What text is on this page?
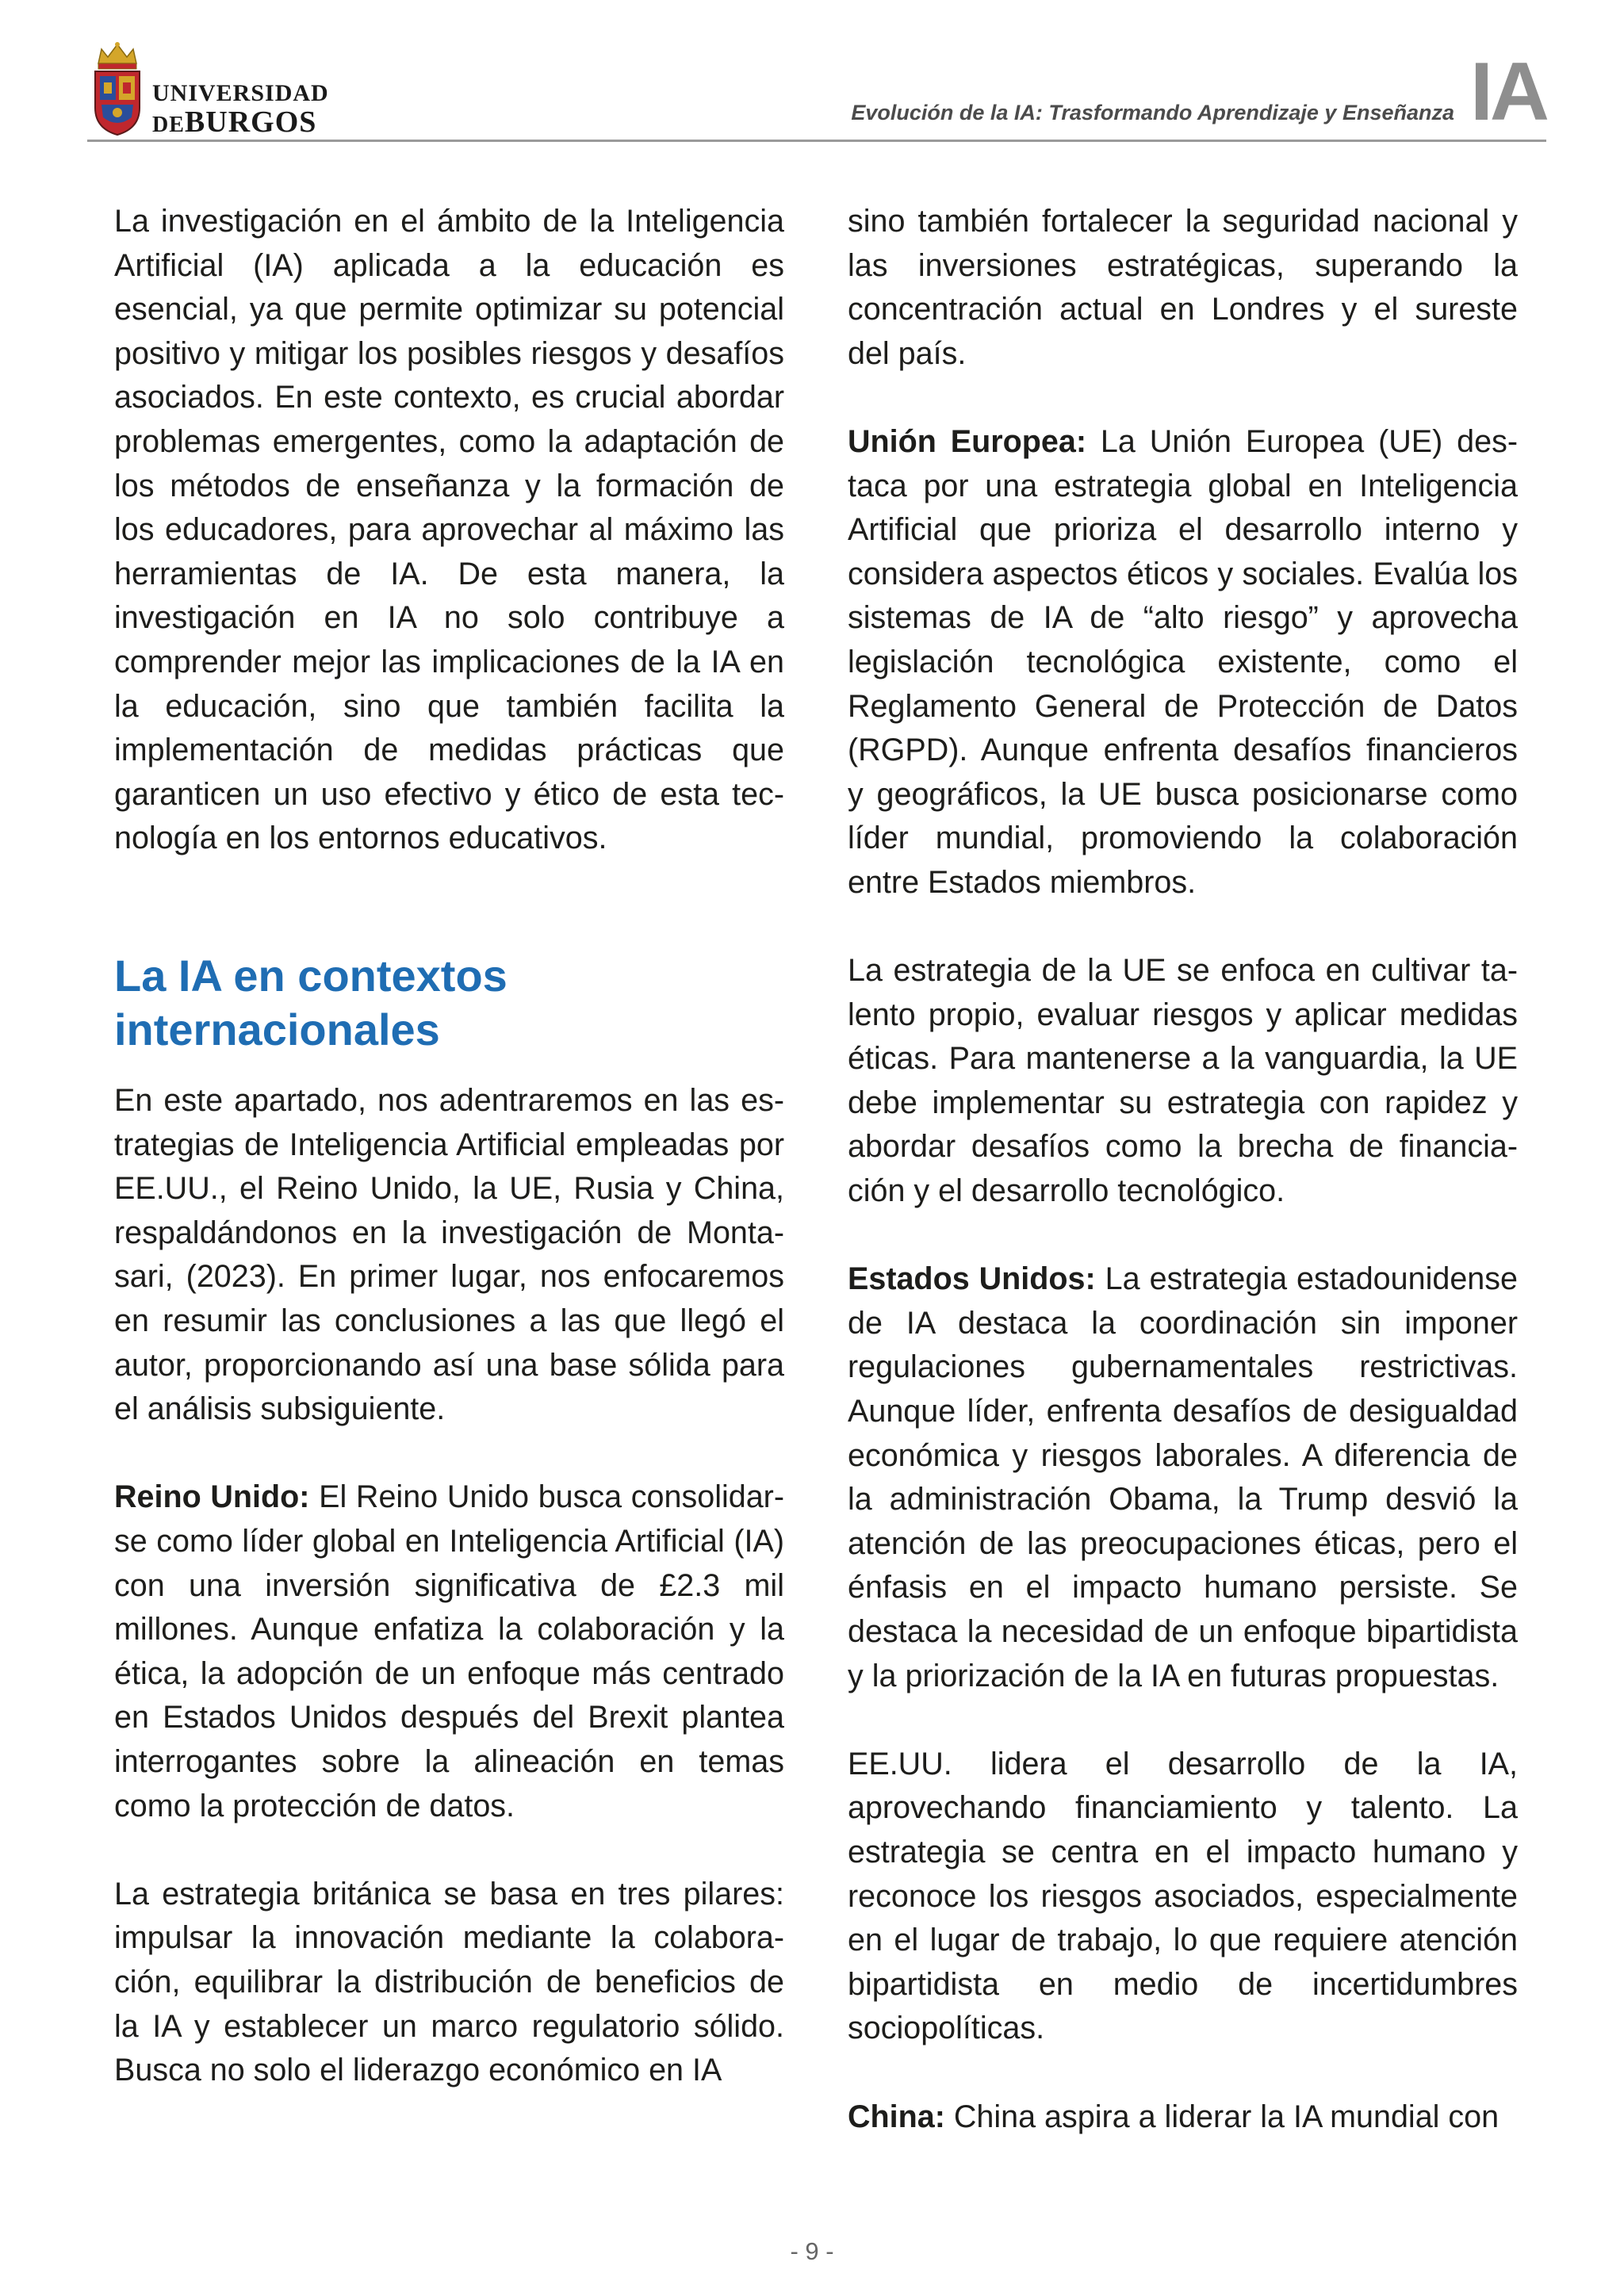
UNIVERSIDAD
DEBURGOS	Evolución de la IA: Trasformando Aprendizaje y Enseñanza IA

La investigación en el ámbito de la Inteligencia Artificial (IA) aplicada a la educación es esencial, ya que permite optimizar su potencial positivo y mitigar los posibles riesgos y desafíos asociados. En este contexto, es crucial abordar problemas emergentes, como la adaptación de los métodos de enseñanza y la formación de los educadores, para aprovechar al máximo las herramientas de IA. De esta manera, la investigación en IA no solo contribuye a comprender mejor las implicaciones de la IA en la educación, sino que también facilita la implementación de medidas prácticas que garanticen un uso efectivo y ético de esta tecnología en los entornos educativos.

La IA en contextos
internacionales

En este apartado, nos adentraremos en las estrategias de Inteligencia Artificial empleadas por EE.UU., el Reino Unido, la UE, Rusia y China, respaldándonos en la investigación de Montasari, (2023). En primer lugar, nos enfocaremos en resumir las conclusiones a las que llegó el autor, proporcionando así una base sólida para el análisis subsiguiente.

Reino Unido: El Reino Unido busca consolidarse como líder global en Inteligencia Artificial (IA) con una inversión significativa de £2.3 mil millones. Aunque enfatiza la colaboración y la ética, la adopción de un enfoque más centrado en Estados Unidos después del Brexit plantea interrogantes sobre la alineación en temas como la protección de datos.

La estrategia británica se basa en tres pilares: impulsar la innovación mediante la colaboración, equilibrar la distribución de beneficios de la IA y establecer un marco regulatorio sólido. Busca no solo el liderazgo económico en IA

sino también fortalecer la seguridad nacional y las inversiones estratégicas, superando la concentración actual en Londres y el sureste del país.

Unión Europea: La Unión Europea (UE) destaca por una estrategia global en Inteligencia Artificial que prioriza el desarrollo interno y considera aspectos éticos y sociales. Evalúa los sistemas de IA de “alto riesgo” y aprovecha legislación tecnológica existente, como el Reglamento General de Protección de Datos (RGPD). Aunque enfrenta desafíos financieros y geográficos, la UE busca posicionarse como líder mundial, promoviendo la colaboración entre Estados miembros.

La estrategia de la UE se enfoca en cultivar talento propio, evaluar riesgos y aplicar medidas éticas. Para mantenerse a la vanguardia, la UE debe implementar su estrategia con rapidez y abordar desafíos como la brecha de financiación y el desarrollo tecnológico.

Estados Unidos: La estrategia estadounidense de IA destaca la coordinación sin imponer regulaciones gubernamentales restrictivas. Aunque líder, enfrenta desafíos de desigualdad económica y riesgos laborales. A diferencia de la administración Obama, la Trump desvió la atención de las preocupaciones éticas, pero el énfasis en el impacto humano persiste. Se destaca la necesidad de un enfoque bipartidista y la priorización de la IA en futuras propuestas.

EE.UU. lidera el desarrollo de la IA, aprovechando financiamiento y talento. La estrategia se centra en el impacto humano y reconoce los riesgos asociados, especialmente en el lugar de trabajo, lo que requiere atención bipartidista en medio de incertidumbres sociopolíticas.

China: China aspira a liderar la IA mundial con

- 9 -
